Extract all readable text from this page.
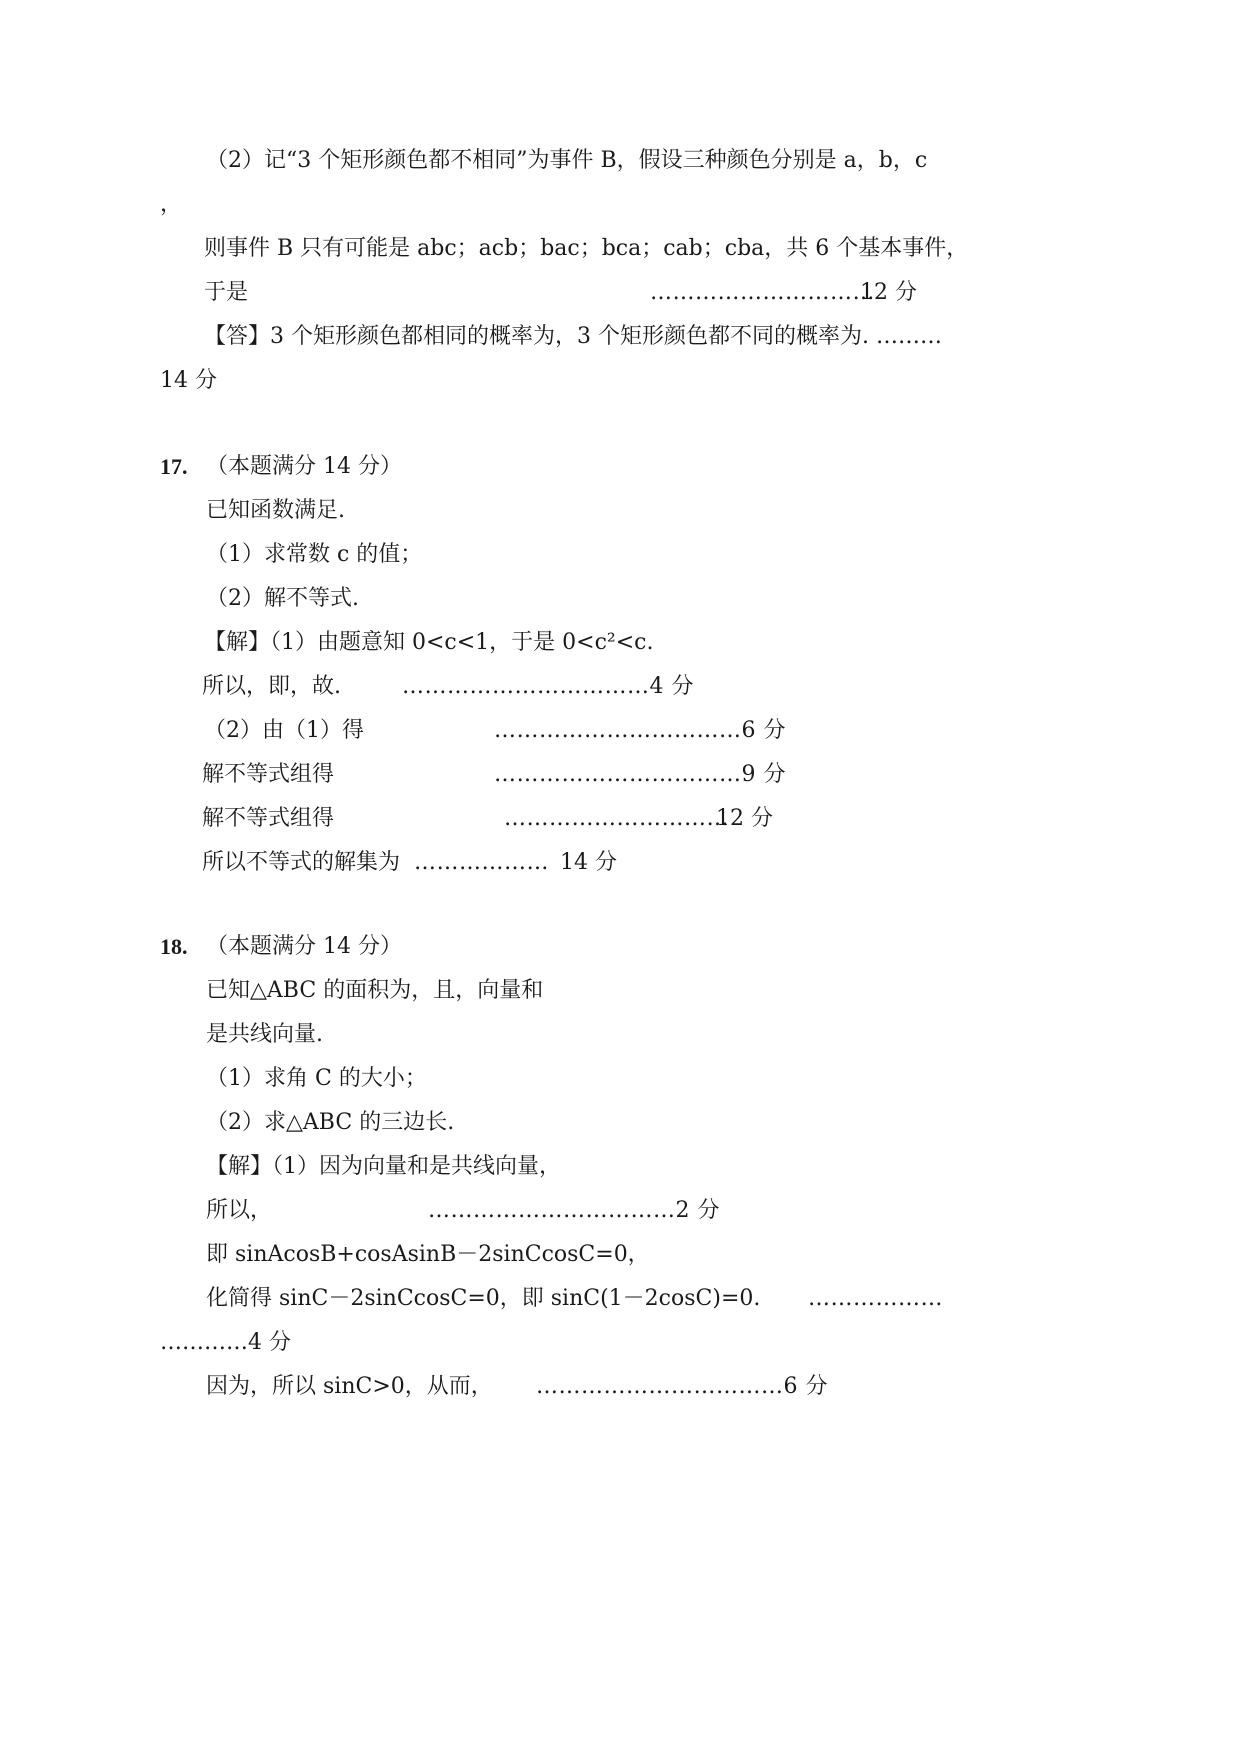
（2）记“3 个矩形颜色都不相同”为事件 B，假设三种颜色分别是 a，b，c
，
则事件 B 只有可能是 abc；acb；bac；bca；cab；cba，共 6 个基本事件，
于是	…………………………
12 分
【答】3 个矩形颜色都相同的概率为，3 个矩形颜色都不同的概率为. ………
14 分
17. （本题满分 14 分）
已知函数满足.
（1）求常数 c 的值；
（2）解不等式.
【解】（1）由题意知 0<c<1，于是 0<c²<c.
所以，即，故.	……………………………4 分
（2）由（1）得	……………………………6 分
解不等式组得	……………………………9 分
解不等式组得	…………………………
12 分
所以不等式的解集为 ……………… 14 分
18. （本题满分 14 分）
已知△ABC 的面积为，且，向量和
是共线向量.
（1）求角 C 的大小；
（2）求△ABC 的三边长.
【解】（1）因为向量和是共线向量，
所以，	……………………………2 分
即 sinAcosB+cosAsinB－2sinCcosC=0，
化简得 sinC－2sinCcosC=0，即 sinC(1－2cosC)=0. ………………
…………4 分
因为，所以 sinC>0，从而， ……………………………6 分
